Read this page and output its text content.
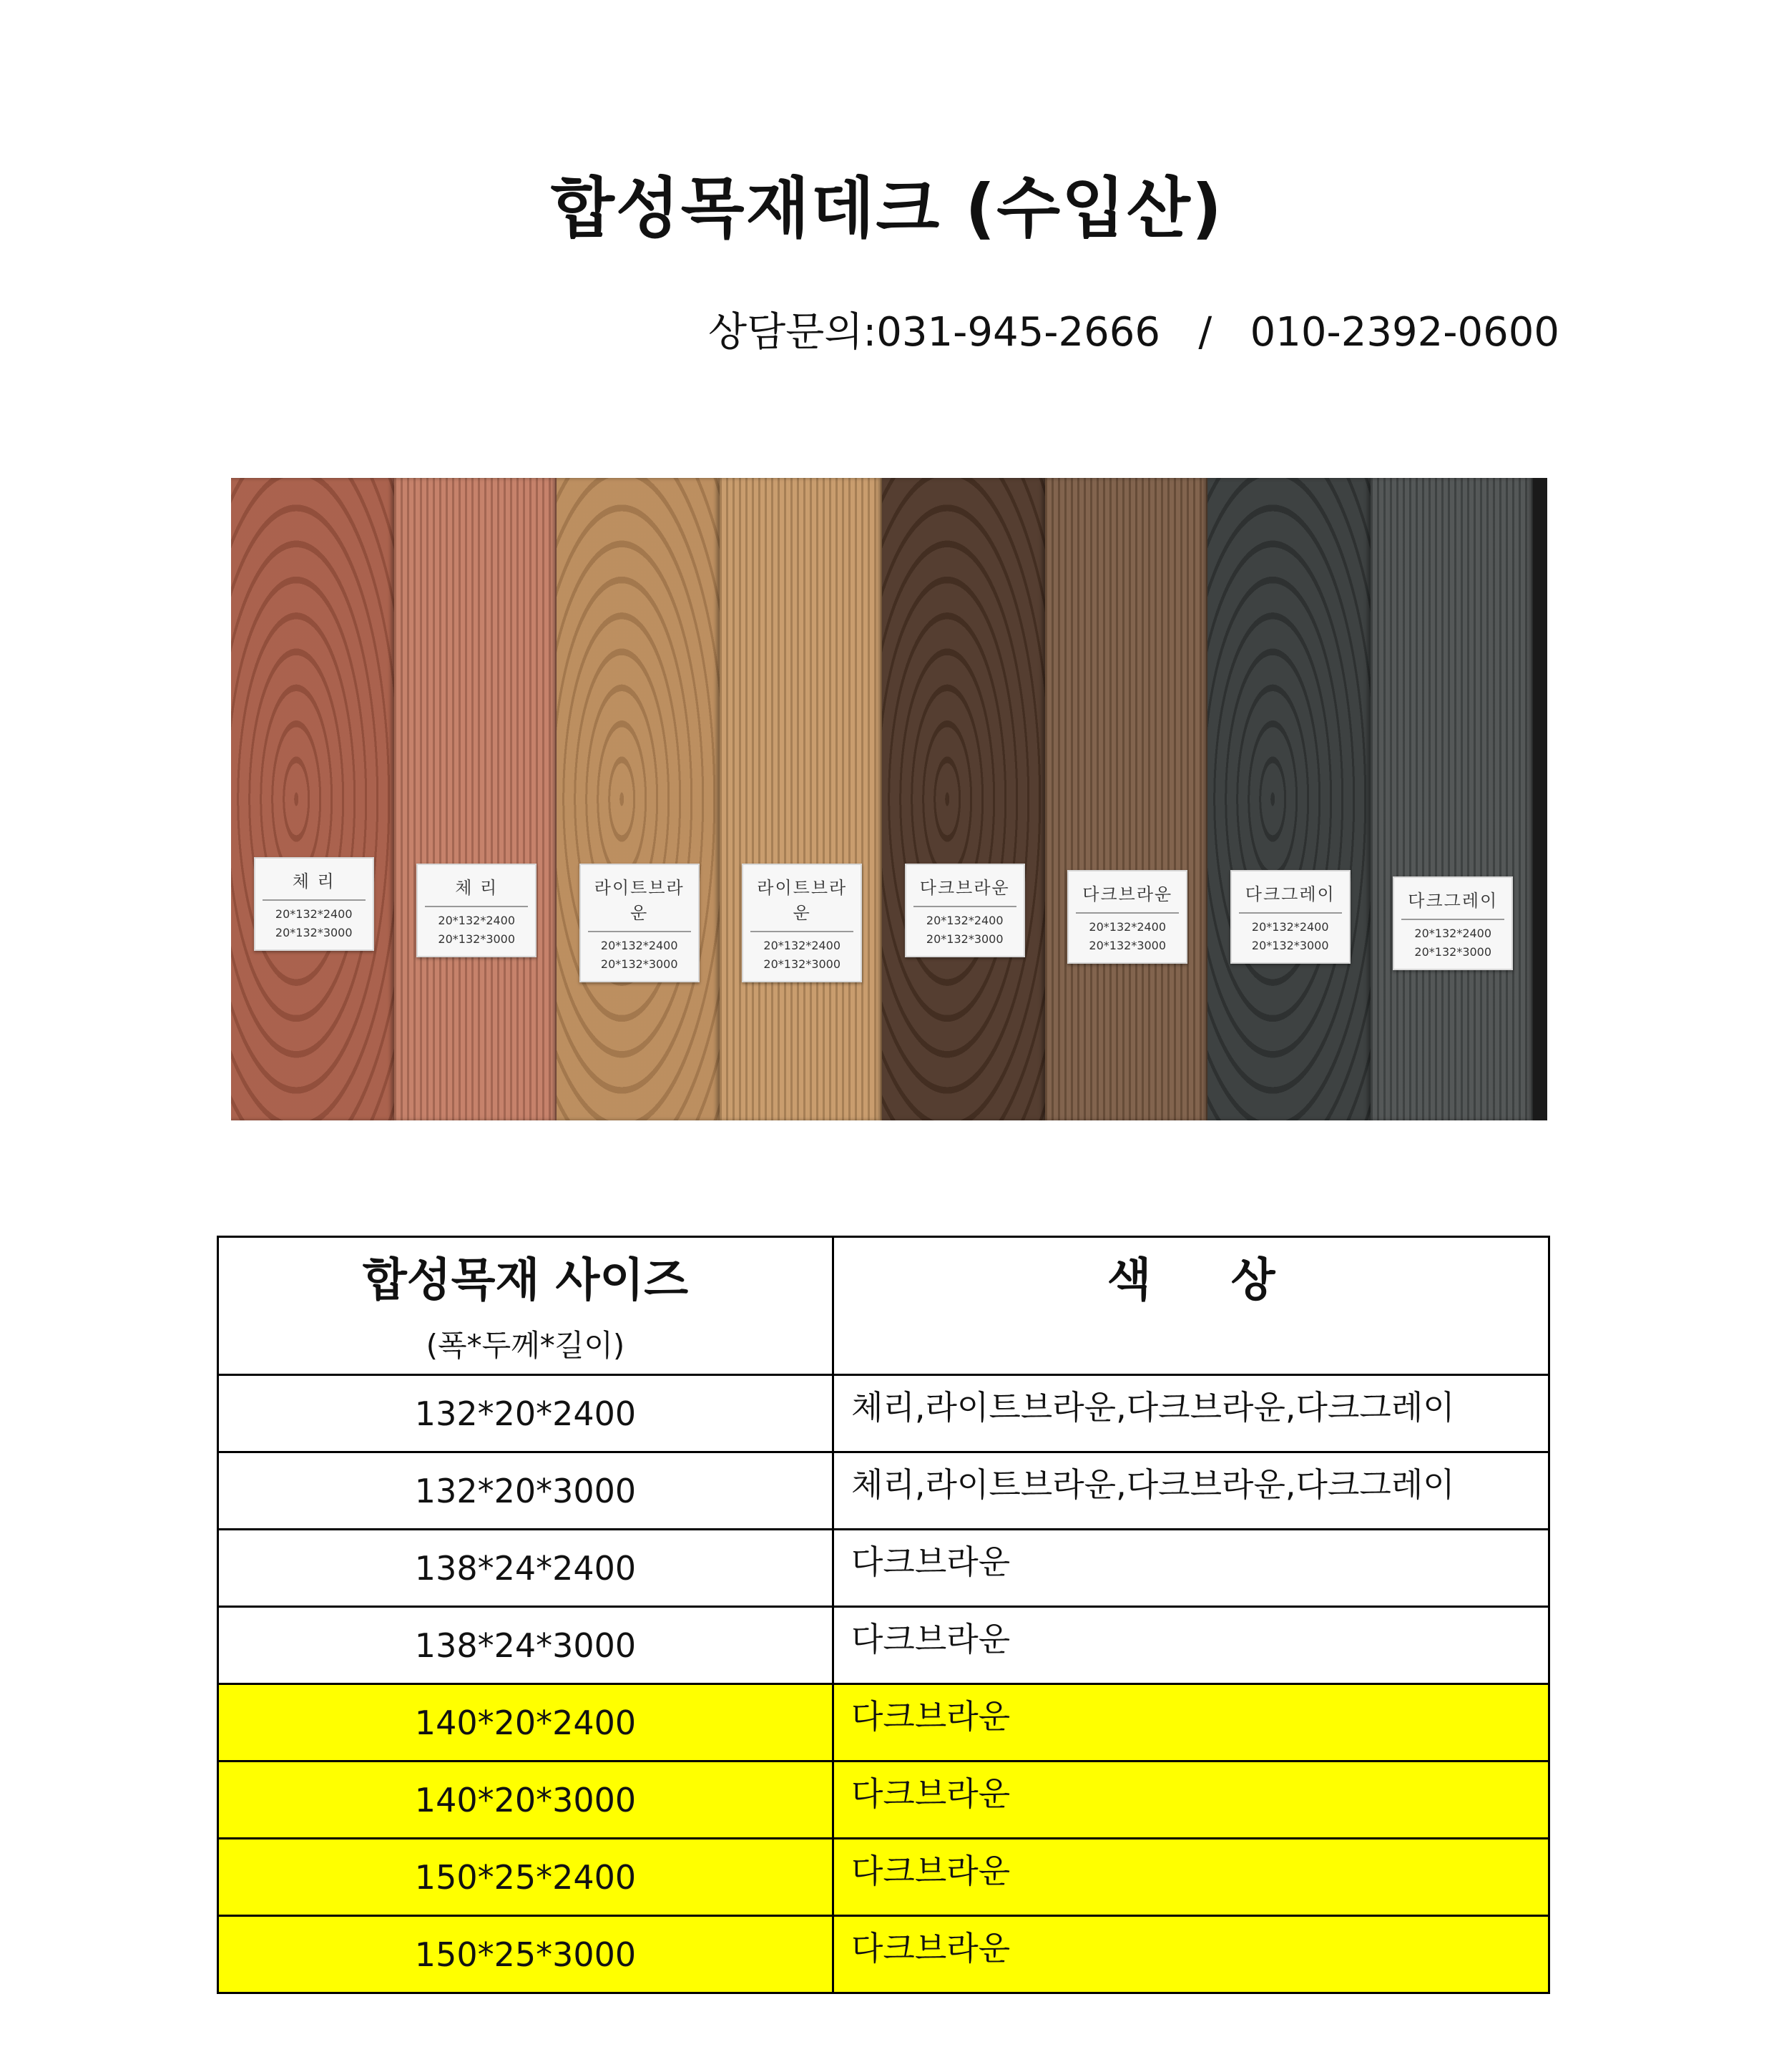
합성목재데크 (수입산)
상담문의:031-945-2666   /   010-2392-0600
체 리
20*132*2400
20*132*3000
체 리
20*132*2400
20*132*3000
라이트브라운
20*132*2400
20*132*3000
라이트브라운
20*132*2400
20*132*3000
다크브라운
20*132*2400
20*132*3000
다크브라운
20*132*2400
20*132*3000
다크그레이
20*132*2400
20*132*3000
다크그레이
20*132*2400
20*132*3000
합성목재 사이즈
(폭*두께*길이)	색     상

132*20*2400	체리,라이트브라운,다크브라운,다크그레이
132*20*3000	체리,라이트브라운,다크브라운,다크그레이
138*24*2400	다크브라운
138*24*3000	다크브라운
140*20*2400	다크브라운
140*20*3000	다크브라운
150*25*2400	다크브라운
150*25*3000	다크브라운
